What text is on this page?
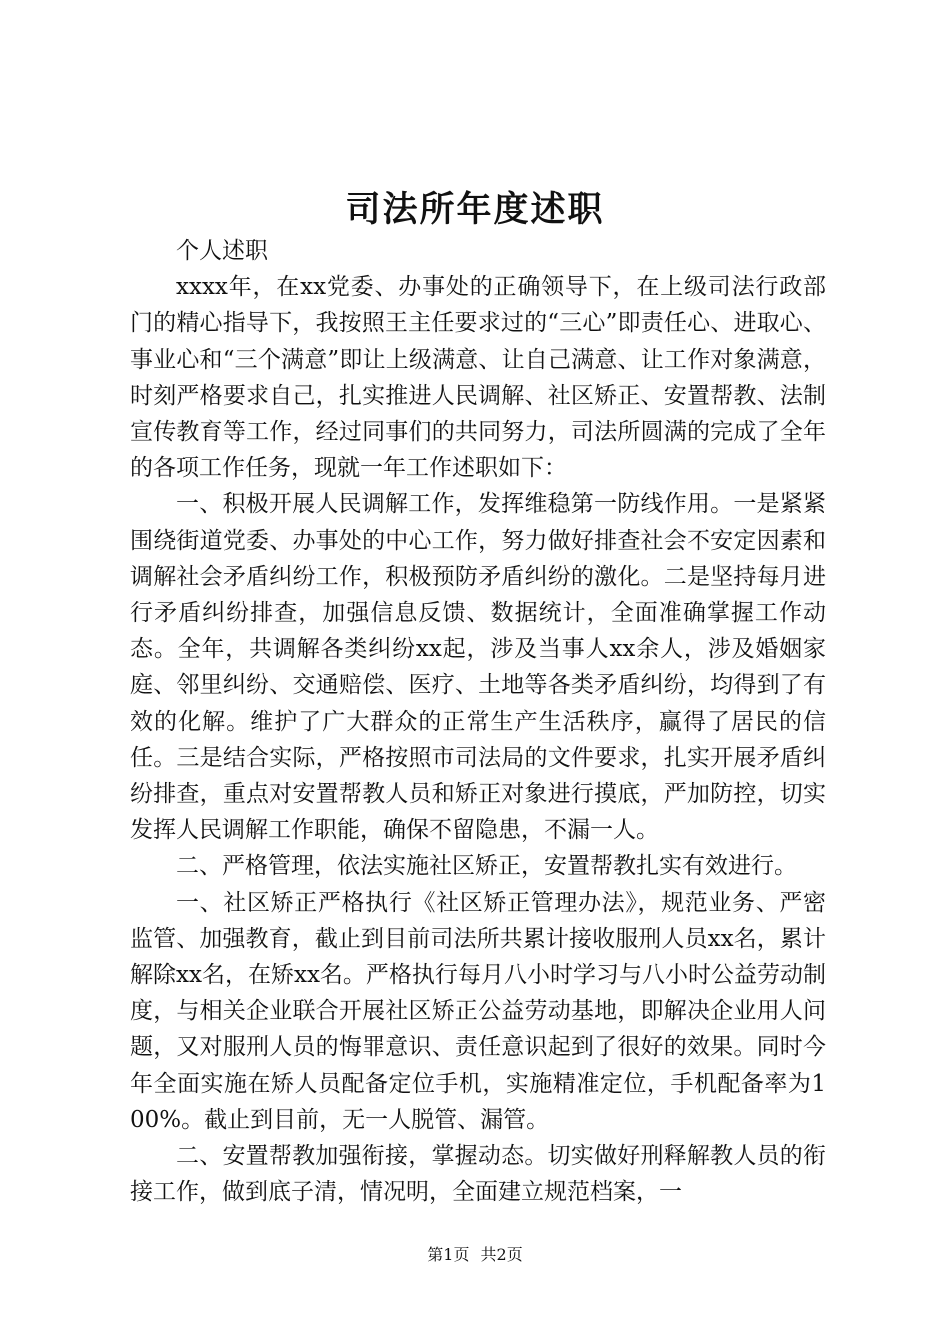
司法所年度述职

个人述职

xxxx年，在xx党委、办事处的正确领导下，在上级司法行政部门的精心指导下，我按照王主任要求过的“三心”即责任心、进取心、事业心和“三个满意”即让上级满意、让自己满意、让工作对象满意，时刻严格要求自己，扎实推进人民调解、社区矫正、安置帮教、法制宣传教育等工作，经过同事们的共同努力，司法所圆满的完成了全年的各项工作任务，现就一年工作述职如下：

一、积极开展人民调解工作，发挥维稳第一防线作用。一是紧紧围绕街道党委、办事处的中心工作，努力做好排查社会不安定因素和调解社会矛盾纠纷工作，积极预防矛盾纠纷的激化。二是坚持每月进行矛盾纠纷排查，加强信息反馈、数据统计，全面准确掌握工作动态。全年，共调解各类纠纷xx起，涉及当事人xx余人，涉及婚姻家庭、邻里纠纷、交通赔偿、医疗、土地等各类矛盾纠纷，均得到了有效的化解。维护了广大群众的正常生产生活秩序，赢得了居民的信任。三是结合实际，严格按照市司法局的文件要求，扎实开展矛盾纠纷排查，重点对安置帮教人员和矫正对象进行摸底，严加防控，切实发挥人民调解工作职能，确保不留隐患，不漏一人。

二、严格管理，依法实施社区矫正，安置帮教扎实有效进行。

一、社区矫正严格执行《社区矫正管理办法》，规范业务、严密监管、加强教育，截止到目前司法所共累计接收服刑人员xx名，累计解除xx名，在矫xx名。严格执行每月八小时学习与八小时公益劳动制度，与相关企业联合开展社区矫正公益劳动基地，即解决企业用人问题，又对服刑人员的悔罪意识、责任意识起到了很好的效果。同时今年全面实施在矫人员配备定位手机，实施精准定位，手机配备率为100%。截止到目前，无一人脱管、漏管。

二、安置帮教加强衔接，掌握动态。切实做好刑释解教人员的衔接工作，做到底子清，情况明，全面建立规范档案，一

第1页 共2页
